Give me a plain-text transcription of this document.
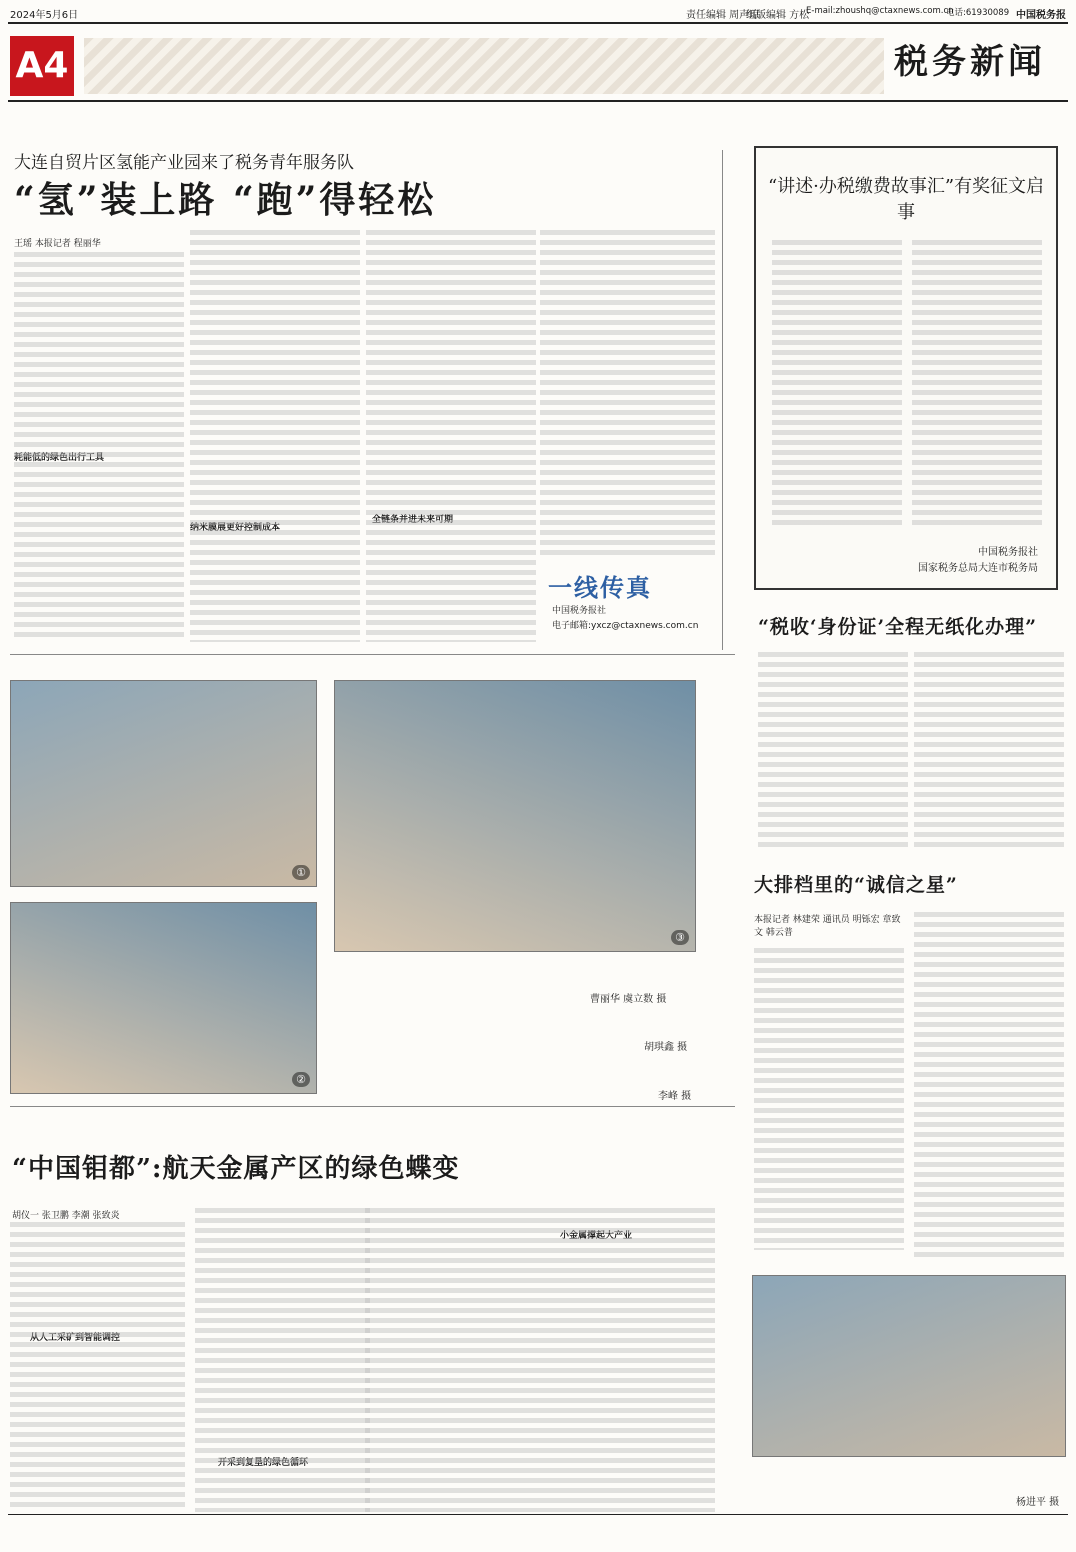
2024年5月6日	责任编辑 周声琼
组版编辑 方松
E-mail:zhoushq@ctaxnews.com.cn
电话:61930089 中国税务报
A4	税务新闻
大连自贸片区氢能产业园来了税务青年服务队
“氢”装上路 “跑”得轻松
王瑶 本报记者 程丽华
耗能低的绿色出行工具
纳米膜展更好控制成本
全链条并进未来可期
一线传真
中国税务报社
电子邮箱:yxcz@ctaxnews.com.cn
“讲述·办税缴费故事汇”有奖征文启事
中国税务报社
国家税务总局大连市税务局
“税收‘身份证’全程无纸化办理”
大排档里的“诚信之星”
本报记者 林建荣 通讯员 明铄宏 章致文 韩云普
①
③
②
曹丽华 虞立数 摄
胡琪鑫 摄
李峰 摄
“中国钼都”:航天金属产区的绿色蝶变
胡仪一 张卫鹏 李潮 张致炎
从人工采矿到智能调控
开采到复垦的绿色循环
小金属撑起大产业
杨进平 摄
